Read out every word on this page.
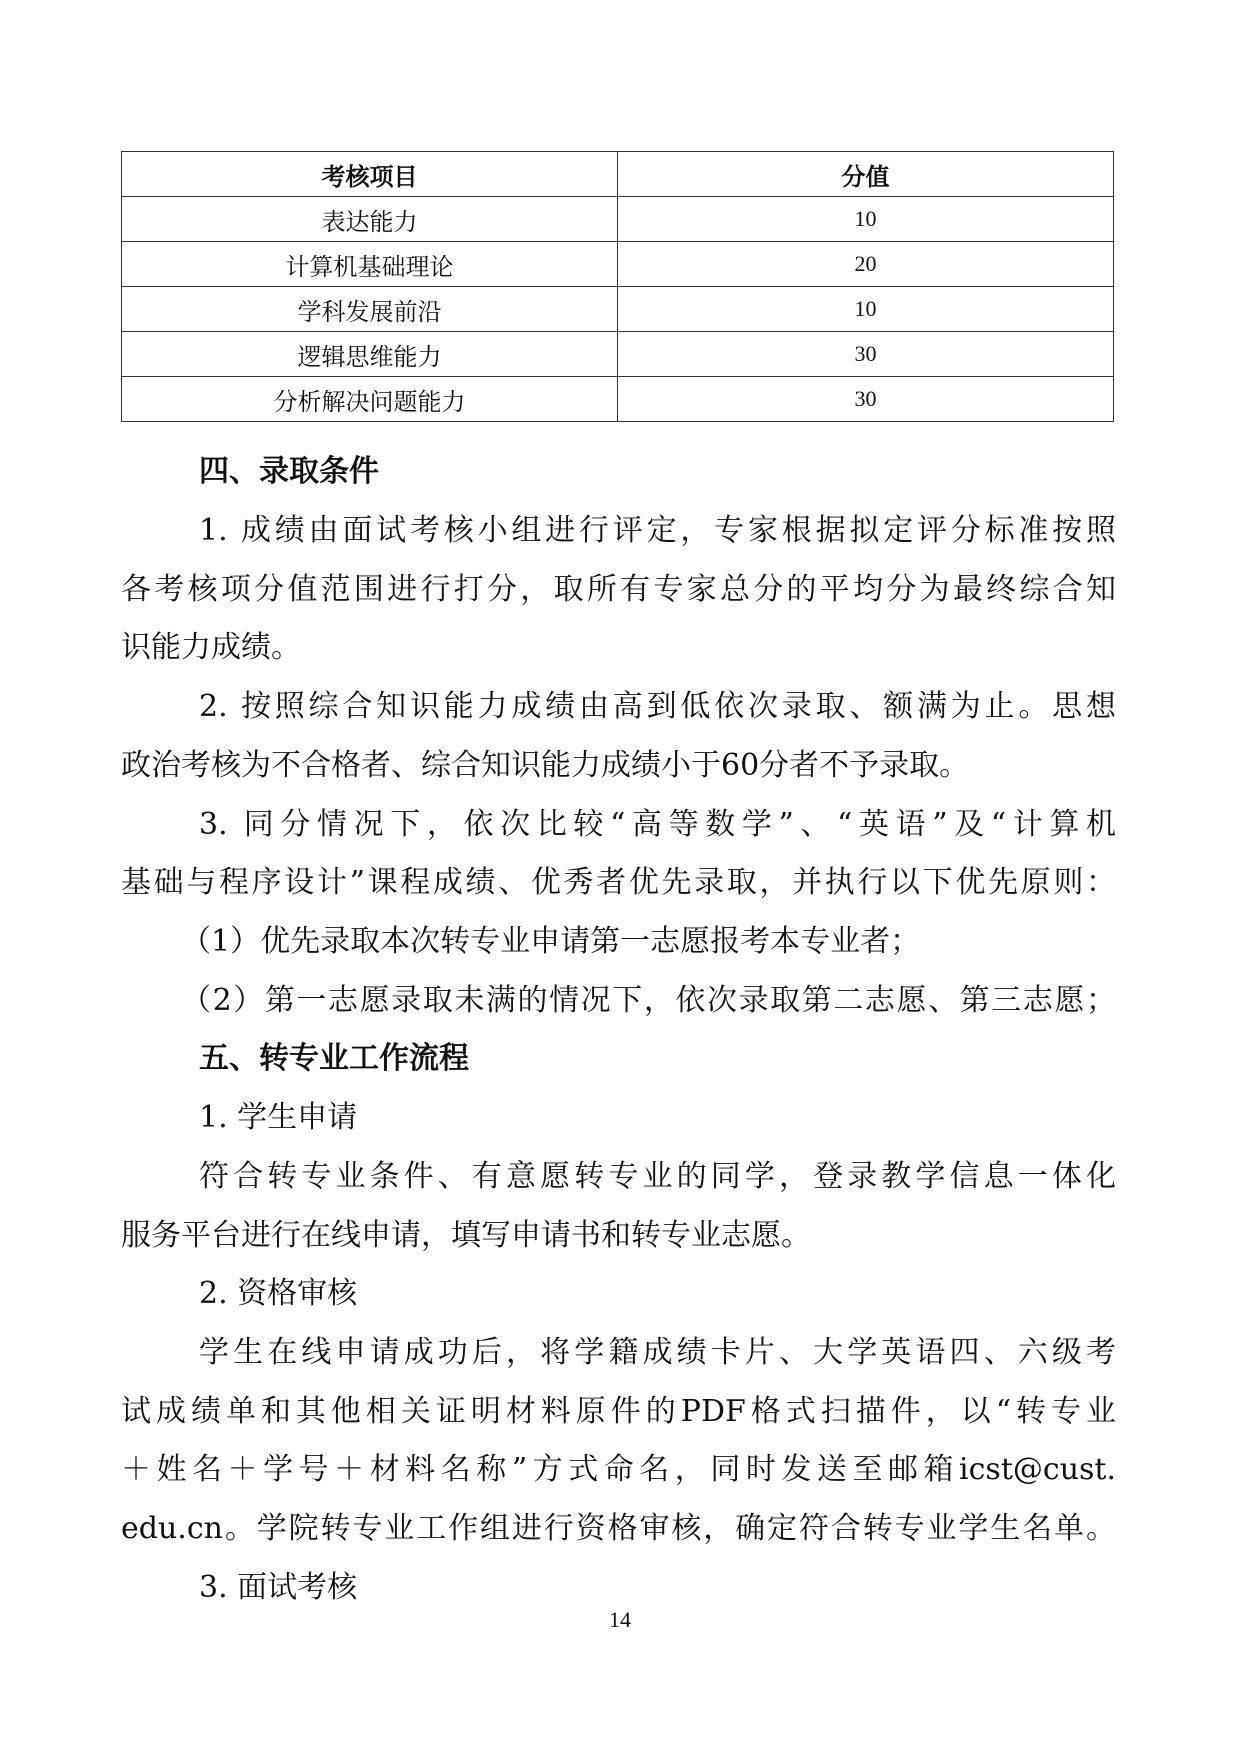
考核项目	分值
表达能力	10
计算机基础理论	20
学科发展前沿	10
逻辑思维能力	30
分析解决问题能力	30
四、录取条件
1. 成绩由面试考核小组进行评定，专家根据拟定评分标准按照
各考核项分值范围进行打分，取所有专家总分的平均分为最终综合知
识能力成绩。
2. 按照综合知识能力成绩由高到低依次录取、额满为止。思想
政治考核为不合格者、综合知识能力成绩小于60分者不予录取。
3. 同分情况下，依次比较“高等数学”、“英语”及“计算机
基础与程序设计”课程成绩、优秀者优先录取，并执行以下优先原则：
（1）优先录取本次转专业申请第一志愿报考本专业者；
（2）第一志愿录取未满的情况下，依次录取第二志愿、第三志愿；
五、转专业工作流程
1. 学生申请
符合转专业条件、有意愿转专业的同学，登录教学信息一体化
服务平台进行在线申请，填写申请书和转专业志愿。
2. 资格审核
学生在线申请成功后，将学籍成绩卡片、大学英语四、六级考
试成绩单和其他相关证明材料原件的PDF格式扫描件，以“转专业
＋姓名＋学号＋材料名称”方式命名，同时发送至邮箱icst@cust.
edu.cn。学院转专业工作组进行资格审核，确定符合转专业学生名单。
3. 面试考核
14
